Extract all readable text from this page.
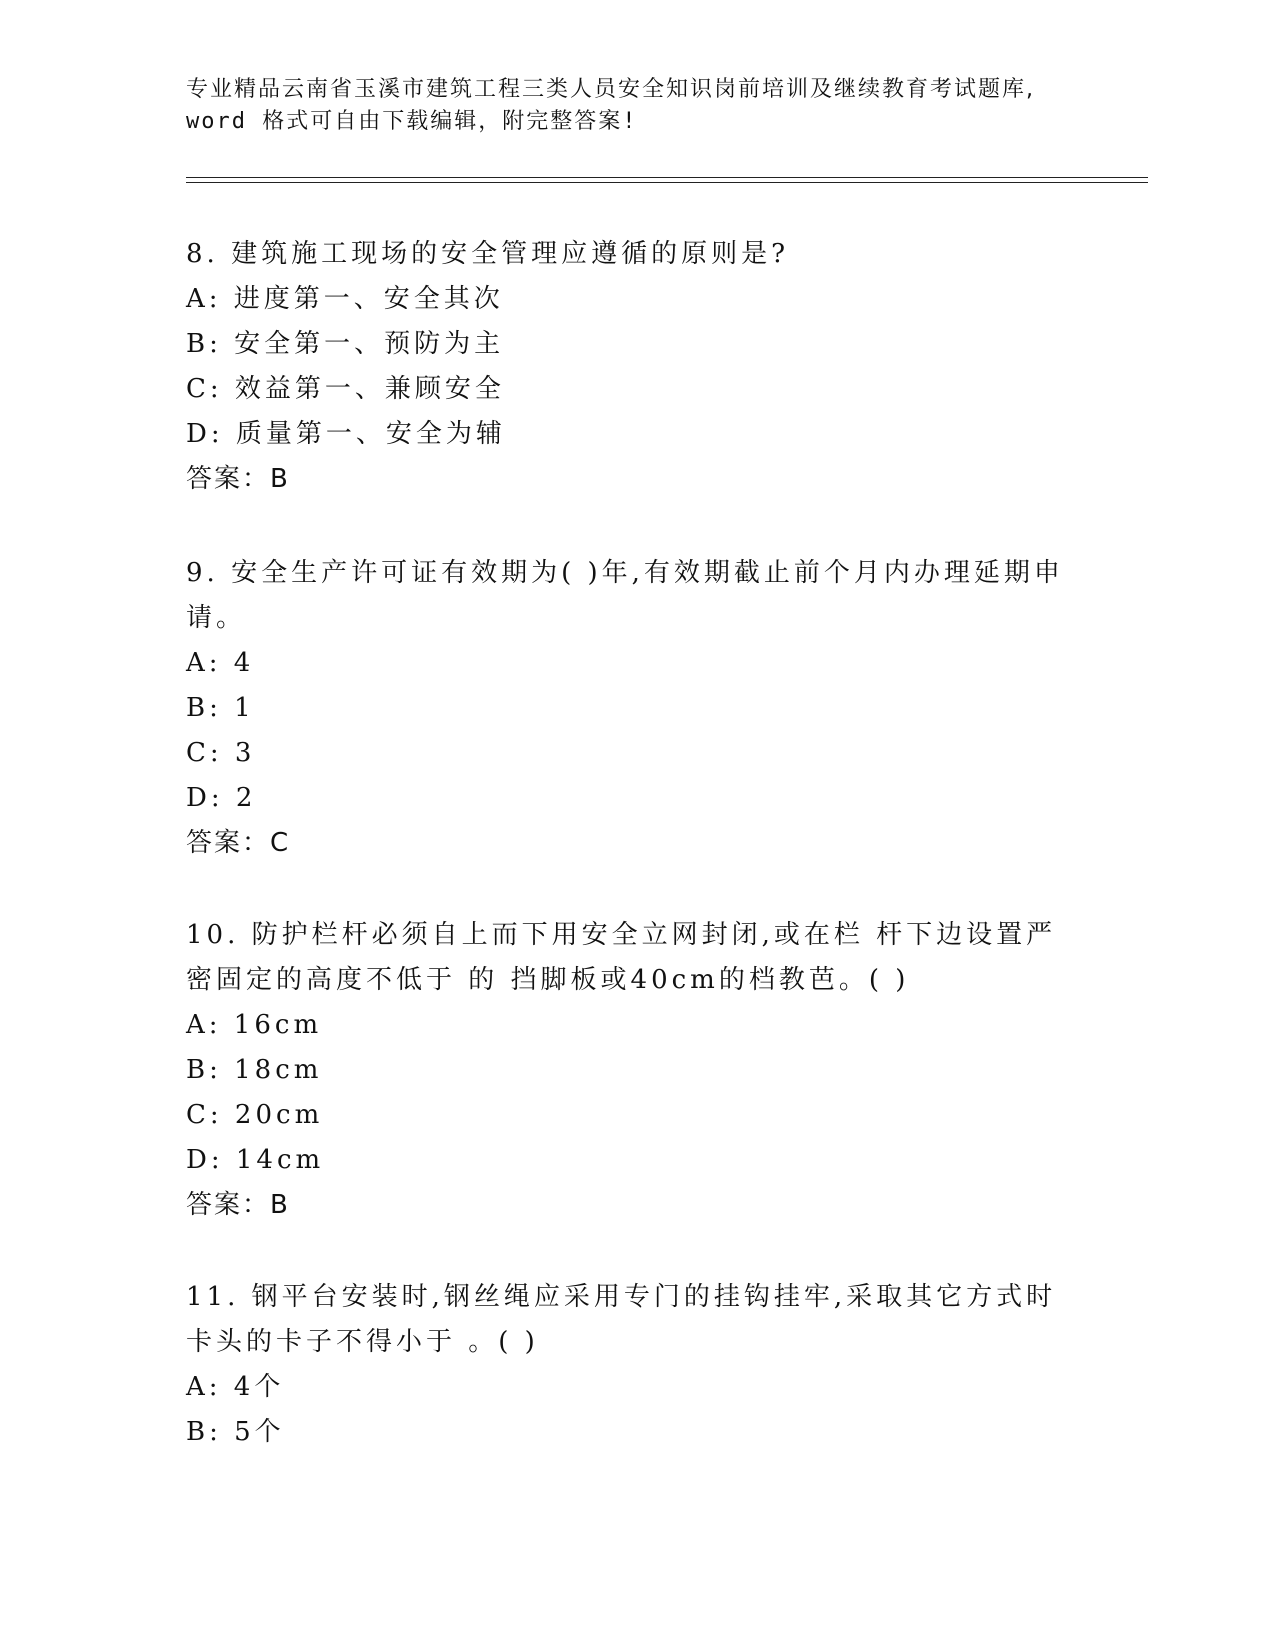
专业精品云南省玉溪市建筑工程三类人员安全知识岗前培训及继续教育考试题库,
word 格式可自由下载编辑，附完整答案!
8. 建筑施工现场的安全管理应遵循的原则是?
A: 进度第一、安全其次
B: 安全第一、预防为主
C: 效益第一、兼顾安全
D: 质量第一、安全为辅
答案：B
9. 安全生产许可证有效期为( )年,有效期截止前个月内办理延期申请。
A: 4
B: 1
C: 3
D: 2
答案：C
10. 防护栏杆必须自上而下用安全立网封闭,或在栏 杆下边设置严密固定的高度不低于 的 挡脚板或40cm的档教芭。( )
A: 16cm
B: 18cm
C: 20cm
D: 14cm
答案：B
11. 钢平台安装时,钢丝绳应采用专门的挂钩挂牢,采取其它方式时卡头的卡子不得小于 。( )
A: 4个
B: 5个
